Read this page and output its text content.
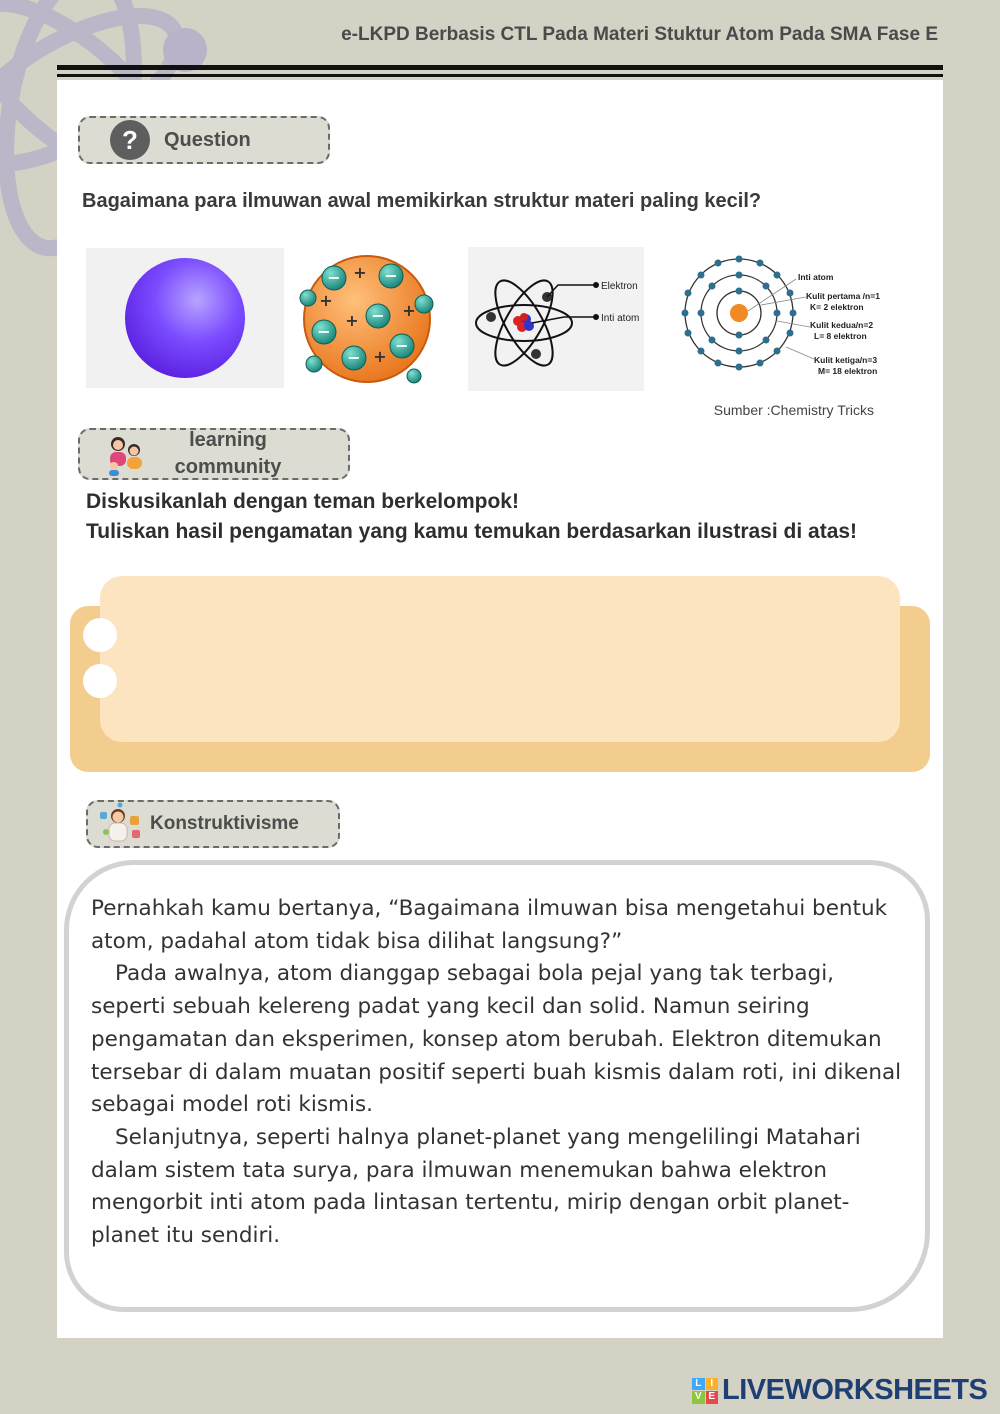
e-LKPD Berbasis CTL Pada Materi Stuktur Atom Pada SMA Fase E
?	Question
Bagaimana para ilmuwan awal memikirkan struktur materi paling kecil?
−	−
−
−
−
−
+
+
+
+
+
Elektron
Inti atom
Inti atom
Kulit pertama /n=1
K= 2 elektron
Kulit kedua/n=2
L= 8 elektron
Kulit ketiga/n=3
M= 18 elektron
Sumber :Chemistry Tricks
learning
community
Diskusikanlah dengan teman berkelompok!
Tuliskan hasil pengamatan yang kamu temukan berdasarkan ilustrasi di atas!
Konstruktivisme

Pernahkah kamu bertanya, “Bagaimana ilmuwan bisa mengetahui bentuk atom, padahal atom tidak bisa dilihat langsung?”

Pada awalnya, atom dianggap sebagai bola pejal yang tak terbagi, seperti sebuah kelereng padat yang kecil dan solid. Namun seiring pengamatan dan eksperimen, konsep atom berubah. Elektron ditemukan tersebar di dalam muatan positif seperti buah kismis dalam roti, ini dikenal sebagai model roti kismis.

Selanjutnya, seperti halnya planet-planet yang mengelilingi Matahari dalam sistem tata surya, para ilmuwan menemukan bahwa elektron mengorbit inti atom pada lintasan tertentu, mirip dengan orbit planet-planet itu sendiri.

L I
V E LIVEWORKSHEETS
